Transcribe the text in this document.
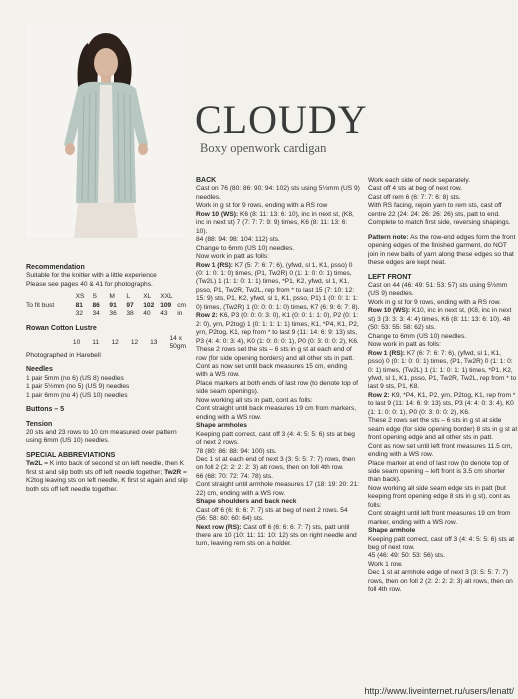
CLOUDY
Boxy openwork cardigan

Recommendation

Suitable for the knitter with a little experience
Please see pages 40 & 41 for photographs.

	XS	S	M	L	XL	XXL	
To fit bust	81	86	91	97	102	109	cm
	32	34	36	38	40	43	in

Rowan Cotton Lustre

	10	11	12	12	13	14 x 50gm

Photographed in Harebell

Needles

1 pair 5mm (no 6) (US 8) needles
1 pair 5½mm (no 5) (US 9) needles
1 pair 6mm (no 4) (US 10) needles

Buttons – 5

Tension

20 sts and 23 rows to 10 cm measured over pattern using 6mm (US 10) needles.

SPECIAL ABBREVIATIONS

Tw2L = K into back of second st on left needle, then K first st and slip both sts off left needle together; Tw2R = K2tog leaving sts on left needle, K first st again and slip both sts off left needle together.

BACK

Cast on 76 (80: 86: 90: 94: 102) sts using 5½mm (US 9) needles.
Work in g st for 9 rows, ending with a RS row

Row 10 (WS): K6 (8: 11: 13: 6: 10), inc in next st, (K8, inc in next st) 7 (7: 7: 7: 9: 9) times, K6 (8: 11: 13: 6: 10).
84 (88: 94: 98: 104: 112) sts.
Change to 6mm (US 10) needles.
Now work in patt as folls:

Row 1 (RS): K7 (5: 7: 6: 7: 6), (yfwd, sl 1, K1, psso) 0 (0: 1: 0: 1: 0) times, (P1, Tw2R) 0 (1: 1: 0: 0: 1) times, (Tw2L) 1 (1: 1: 0: 1: 1) times, *P1, K2, yfwd, sl 1, K1, psso, P1, Tw2R, Tw2L, rep from * to last 15 (7: 10: 12: 15: 9) sts, P1, K2, yfwd, sl 1, K1, psso, P1) 1 (0: 0: 1: 1: 0) times, (Tw2R) 1 (0: 0: 0: 1: 0) times, K7 (6: 9: 6: 7: 8).

Row 2: K6, P3 (0: 0: 0: 3: 0), K1 (0: 0: 1: 1: 0), P2 (0: 1: 2: 0), yrn, P2tog) 1 (0: 1: 1: 1: 1) times, K1, *P4, K1, P2, yrn, P2tog, K1, rep from * to last 9 (11: 14: 6: 9: 13) sts, P3 (4: 4: 0: 3: 4), K0 (1: 0: 0: 0: 1), P0 (0: 3: 0: 0: 2), K6.
These 2 rows set the sts – 6 sts in g st at each end of row (for side opening borders) and all other sts in patt.
Cont as now set until back measures 15 cm, ending with a WS row.
Place markers at both ends of last row (to denote top of side seam openings).
Now working all sts in patt, cont as folls:
Cont straight until back measures 19 cm from markers, ending with a WS row.

Shape armholes

Keeping patt correct, cast off 3 (4: 4: 5: 5: 6) sts at beg of next 2 rows.
78 (80: 86: 88: 94: 100) sts.
Dec 1 st at each end of next 3 (3: 5: 5: 7: 7) rows, then on foll 2 (2: 2: 2: 2: 3) alt rows, then on foll 4th row.
66 (68: 70: 72: 74: 78) sts.
Cont straight until armhole measures 17 (18: 19: 20: 21: 22) cm, ending with a WS row.

Shape shoulders and back neck

Cast off 6 (6: 6: 6: 7: 7) sts at beg of next 2 rows. 54 (56: 58: 60: 60: 64) sts.

Next row (RS): Cast off 6 (6: 6: 6: 7: 7) sts, patt until there are 10 (10: 11: 11: 10: 12) sts on right needle and turn, leaving rem sts on a holder.

Work each side of neck separately.
Cast off 4 sts at beg of next row.
Cast off rem 6 (6: 7: 7: 6: 8) sts.
With RS facing, rejoin yarn to rem sts, cast off centre 22 (24: 24: 26: 26: 26) sts, patt to end.
Complete to match first side, reversing shapings.

Pattern note: As the row-end edges form the front opening edges of the finished garment, do NOT join in new balls of yarn along these edges so that these edges are kept neat.

LEFT FRONT

Cast on 44 (46: 49: 51: 53: 57) sts using 5½mm (US 9) needles.
Work in g st for 9 rows, ending with a RS row.

Row 10 (WS): K10, inc in next st, (K8, inc in next st) 3 (3: 3: 3: 4: 4) times, K6 (8: 11: 13: 6: 10). 48 (50: 53: 55: 58: 62) sts.
Change to 6mm (US 10) needles.
Now work in patt as folls:

Row 1 (RS): K7 (6: 7: 6: 7: 6), (yfwd, sl 1, K1, psso) 0 (0: 1: 0: 0: 1) times, (P1, Tw2R) 0 (1: 1: 0: 0: 1) times, (Tw2L) 1 (1: 1: 0: 1: 1) times, *P1, K2, yfwd, sl 1, K1, psso, P1, Tw2R, Tw2L, rep from * to last 9 sts, P1, K8.

Row 2: K9, *P4, K1, P2, yrn, P2tog, K1, rep from * to last 9 (11: 14: 6: 9: 13) sts, P3 (4: 4: 0: 3: 4), K0 (1: 1: 0: 0: 1), P0 (0: 3: 0: 0: 2), K6.
These 2 rows set the sts – 6 sts in g st at side seam edge (for side opening border) 8 sts in g st at front opening edge and all other sts in patt.
Cont as now set until left front measures 11.5 cm, ending with a WS row.
Place marker at end of last row (to denote top of side seam opening – left front is 3.5 cm shorter than back).
Now working all side seam edge sts in patt (but keeping front opening edge 8 sts in g st), cont as folls:
Cont straight until left front measures 19 cm from marker, ending with a WS row.

Shape armhole

Keeping patt correct, cast off 3 (4: 4: 5: 5: 6) sts at beg of next row.
45 (46: 49: 50: 53: 56) sts.
Work 1 row.
Dec 1 st at armhole edge of next 3 (3: 5: 5: 7: 7) rows, then on foll 2 (2: 2: 2: 2: 3) alt rows, then on foll 4th row.

http://www.liveinternet.ru/users/lenatt/
